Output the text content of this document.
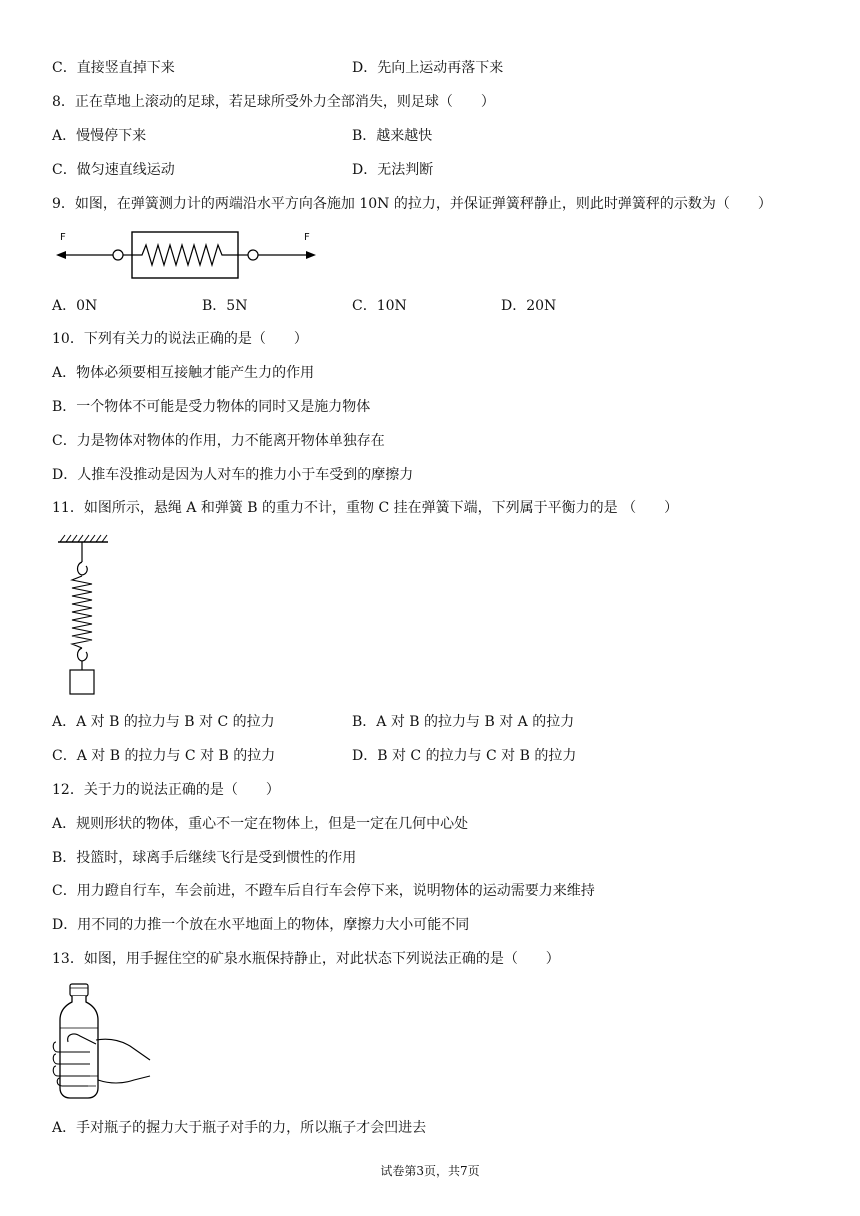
C．直接竖直掉下来	D．先向上运动再落下来
8．正在草地上滚动的足球，若足球所受外力全部消失，则足球（　　）
A．慢慢停下来	B．越来越快
C．做匀速直线运动	D．无法判断
9．如图，在弹簧测力计的两端沿水平方向各施加 10N 的拉力，并保证弹簧秤静止，则此时弹簧秤的示数为（　　）
F	F
A．0N	B．5N	C．10N	D．20N
10．下列有关力的说法正确的是（　　）
A．物体必须要相互接触才能产生力的作用
B．一个物体不可能是受力物体的同时又是施力物体
C．力是物体对物体的作用，力不能离开物体单独存在
D．人推车没推动是因为人对车的推力小于车受到的摩擦力
11．如图所示，悬绳 A 和弹簧 B 的重力不计，重物 C 挂在弹簧下端，下列属于平衡力的是 （　　）
A．A 对 B 的拉力与 B 对 C 的拉力	B．A 对 B 的拉力与 B 对 A 的拉力
C．A 对 B 的拉力与 C 对 B 的拉力	D．B 对 C 的拉力与 C 对 B 的拉力
12．关于力的说法正确的是（　　）
A．规则形状的物体，重心不一定在物体上，但是一定在几何中心处
B．投篮时，球离手后继续飞行是受到惯性的作用
C．用力蹬自行车，车会前进，不蹬车后自行车会停下来，说明物体的运动需要力来维持
D．用不同的力推一个放在水平地面上的物体，摩擦力大小可能不同
13．如图，用手握住空的矿泉水瓶保持静止，对此状态下列说法正确的是（　　）
A．手对瓶子的握力大于瓶子对手的力，所以瓶子才会凹进去
试卷第3页，共7页
